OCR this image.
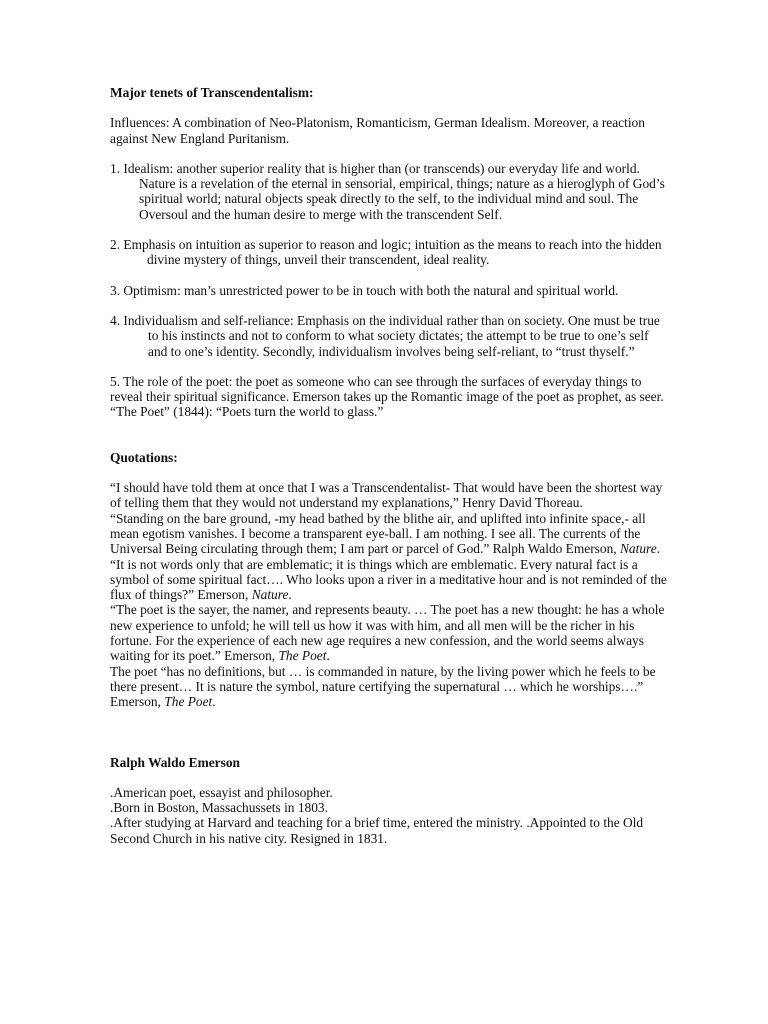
Major tenets of Transcendentalism:

Influences: A combination of Neo-Platonism, Romanticism, German Idealism. Moreover, a reaction against New England Puritanism.

1. Idealism: another superior reality that is higher than (or transcends) our everyday life and world. Nature is a revelation of the eternal in sensorial, empirical, things; nature as a hieroglyph of God’s spiritual world; natural objects speak directly to the self, to the individual mind and soul. The Oversoul and the human desire to merge with the transcendent Self.

2. Emphasis on intuition as superior to reason and logic; intuition as the means to reach into the hidden divine mystery of things, unveil their transcendent, ideal reality.

3. Optimism: man’s unrestricted power to be in touch with both the natural and spiritual world.

4. Individualism and self-reliance: Emphasis on the individual rather than on society. One must be true to his instincts and not to conform to what society dictates; the attempt to be true to one’s self and to one’s identity. Secondly, individualism involves being self-reliant, to “trust thyself.”

5. The role of the poet: the poet as someone who can see through the surfaces of everyday things to reveal their spiritual significance. Emerson takes up the Romantic image of the poet as prophet, as seer. “The Poet” (1844): “Poets turn the world to glass.”

Quotations:

“I should have told them at once that I was a Transcendentalist- That would have been the shortest way of telling them that they would not understand my explanations,” Henry David Thoreau.

“Standing on the bare ground, -my head bathed by the blithe air, and uplifted into infinite space,- all mean egotism vanishes. I become a transparent eye-ball. I am nothing. I see all. The currents of the Universal Being circulating through them; I am part or parcel of God.” Ralph Waldo Emerson, Nature.

“It is not words only that are emblematic; it is things which are emblematic. Every natural fact is a symbol of some spiritual fact…. Who looks upon a river in a meditative hour and is not reminded of the flux of things?” Emerson, Nature.

“The poet is the sayer, the namer, and represents beauty. … The poet has a new thought: he has a whole new experience to unfold; he will tell us how it was with him, and all men will be the richer in his fortune. For the experience of each new age requires a new confession, and the world seems always waiting for its poet.” Emerson, The Poet.

The poet “has no definitions, but … is commanded in nature, by the living power which he feels to be there present… It is nature the symbol, nature certifying the supernatural … which he worships….” Emerson, The Poet.

Ralph Waldo Emerson

.American poet, essayist and philosopher.

.Born in Boston, Massachussets in 1803.

.After studying at Harvard and teaching for a brief time, entered the ministry. .Appointed to the Old Second Church in his native city. Resigned in 1831.
